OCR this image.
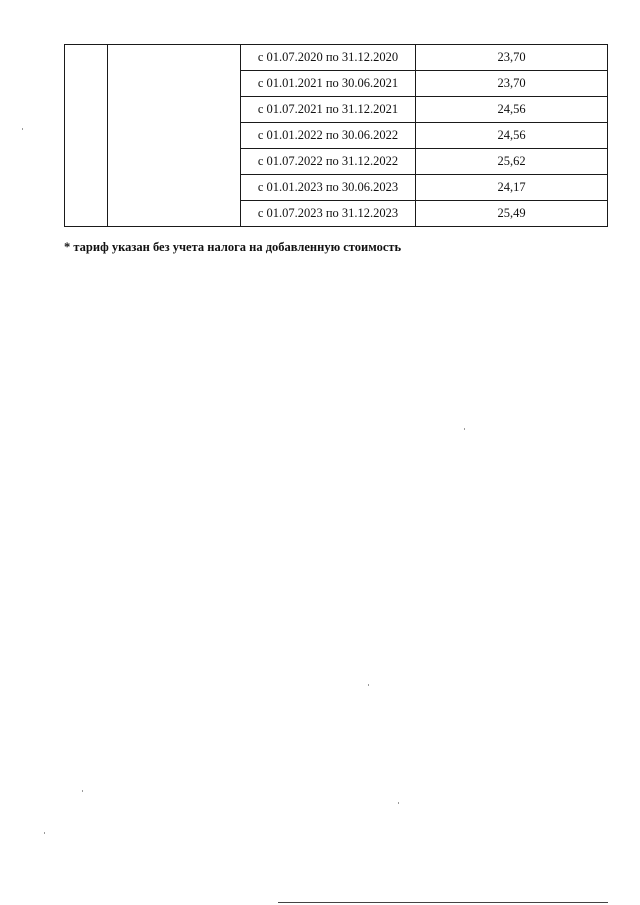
		с 01.07.2020 по 31.12.2020	23,70
		с 01.01.2021 по 30.06.2021	23,70
		с 01.07.2021 по 31.12.2021	24,56
		с 01.01.2022 по 30.06.2022	24,56
		с 01.07.2022 по 31.12.2022	25,62
		с 01.01.2023 по 30.06.2023	24,17
		с 01.07.2023 по 31.12.2023	25,49
* тариф указан без учета налога на добавленную стоимость
